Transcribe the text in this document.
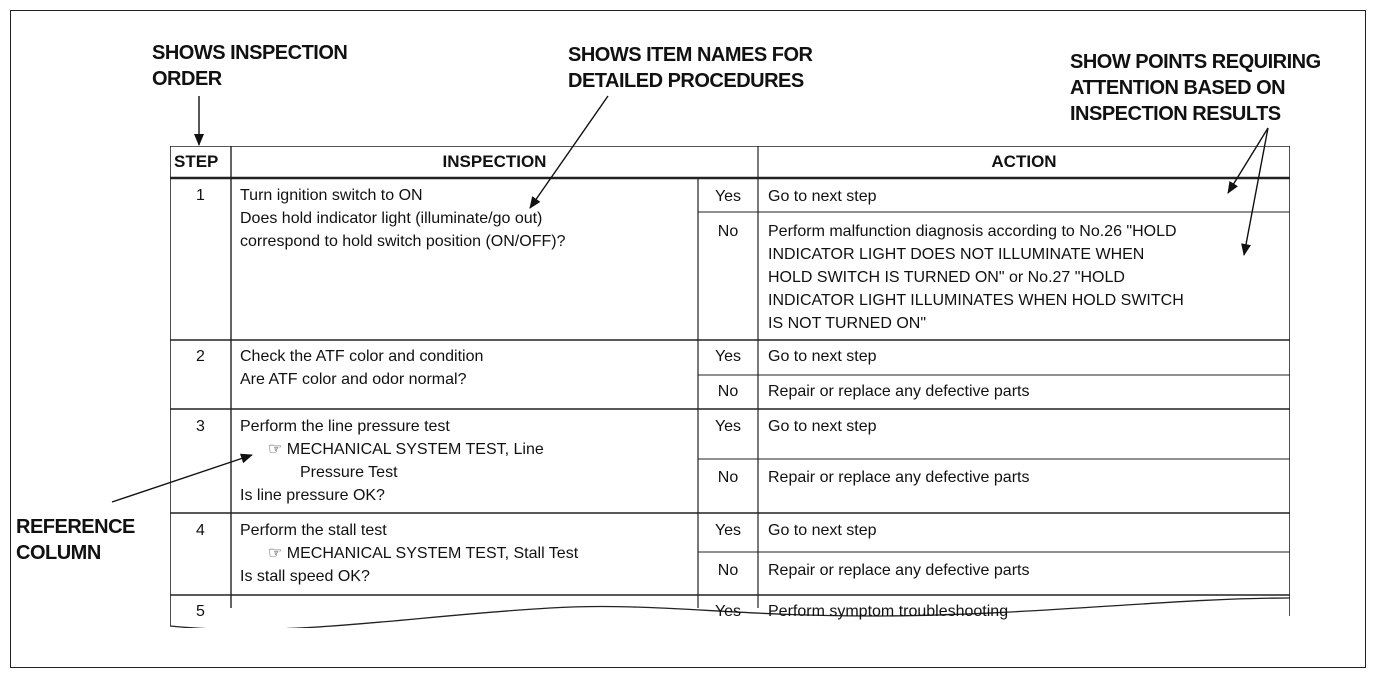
SHOWS INSPECTION
ORDER
SHOWS ITEM NAMES FOR
DETAILED PROCEDURES
SHOW POINTS REQUIRING
ATTENTION BASED ON
INSPECTION RESULTS
REFERENCE
COLUMN
STEP	INSPECTION	ACTION
1	Turn ignition switch to ON
Does hold indicator light (illuminate/go out)
correspond to hold switch position (ON/OFF)?
Yes	Go to next step
No	Perform malfunction diagnosis according to No.26 "HOLD
INDICATOR LIGHT DOES NOT ILLUMINATE WHEN
HOLD SWITCH IS TURNED ON" or No.27 "HOLD
INDICATOR LIGHT ILLUMINATES WHEN HOLD SWITCH
IS NOT TURNED ON"
2	Check the ATF color and condition
Are ATF color and odor normal?
Yes	Go to next step
No	Repair or replace any defective parts
3	Perform the line pressure test
☞ MECHANICAL SYSTEM TEST, Line
Pressure Test
Is line pressure OK?
Yes	Go to next step
No	Repair or replace any defective parts
4	Perform the stall test
☞ MECHANICAL SYSTEM TEST, Stall Test
Is stall speed OK?
Yes	Go to next step
No	Repair or replace any defective parts
5	Yes	Perform symptom troubleshooting
